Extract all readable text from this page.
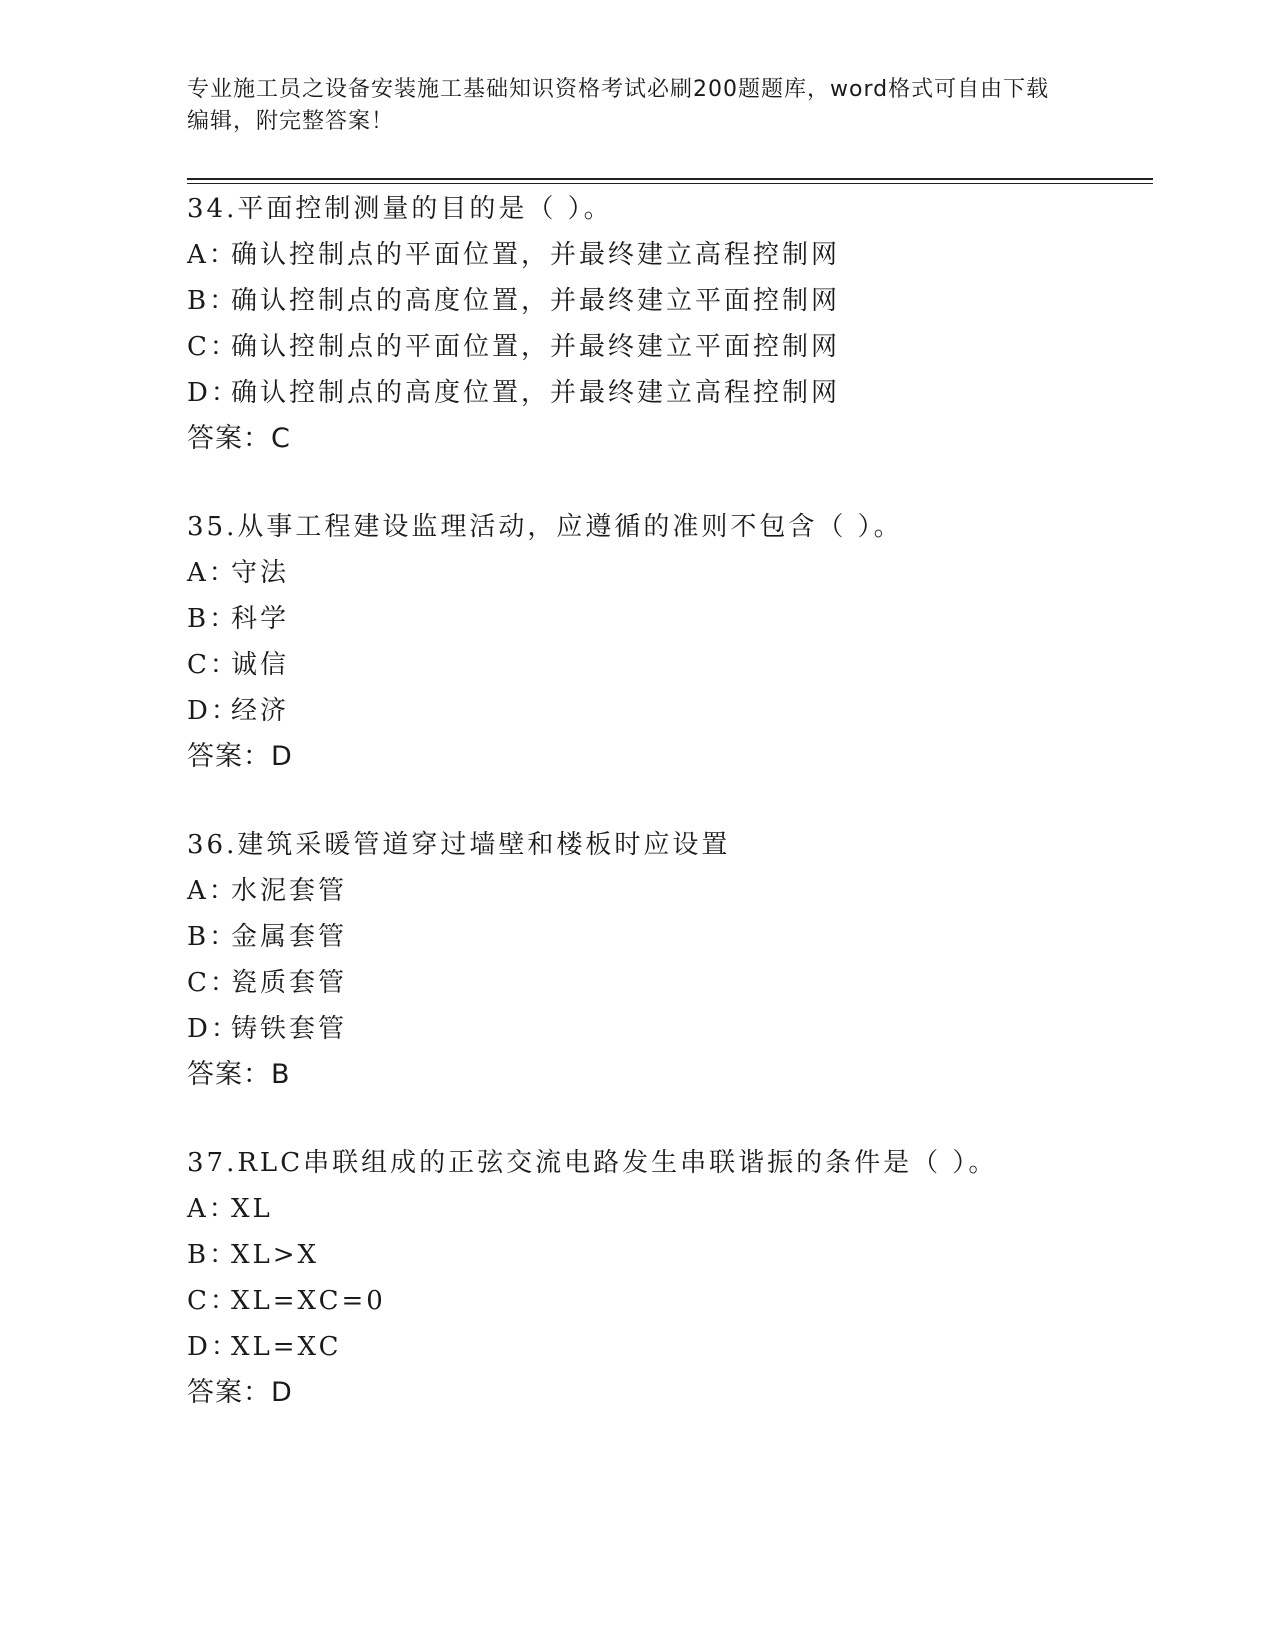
专业施工员之设备安装施工基础知识资格考试必刷200题题库，word格式可自由下载编辑，附完整答案！
34.平面控制测量的目的是（ ）。
A：确认控制点的平面位置，并最终建立高程控制网
B：确认控制点的高度位置，并最终建立平面控制网
C：确认控制点的平面位置，并最终建立平面控制网
D：确认控制点的高度位置，并最终建立高程控制网
答案：C
35.从事工程建设监理活动，应遵循的准则不包含（ ）。
A：守法
B：科学
C：诚信
D：经济
答案：D
36.建筑采暖管道穿过墙壁和楼板时应设置
A：水泥套管
B：金属套管
C：瓷质套管
D：铸铁套管
答案：B
37.RLC串联组成的正弦交流电路发生串联谐振的条件是（ ）。
A：XL
B：XL>X
C：XL=XC=0
D：XL=XC
答案：D
